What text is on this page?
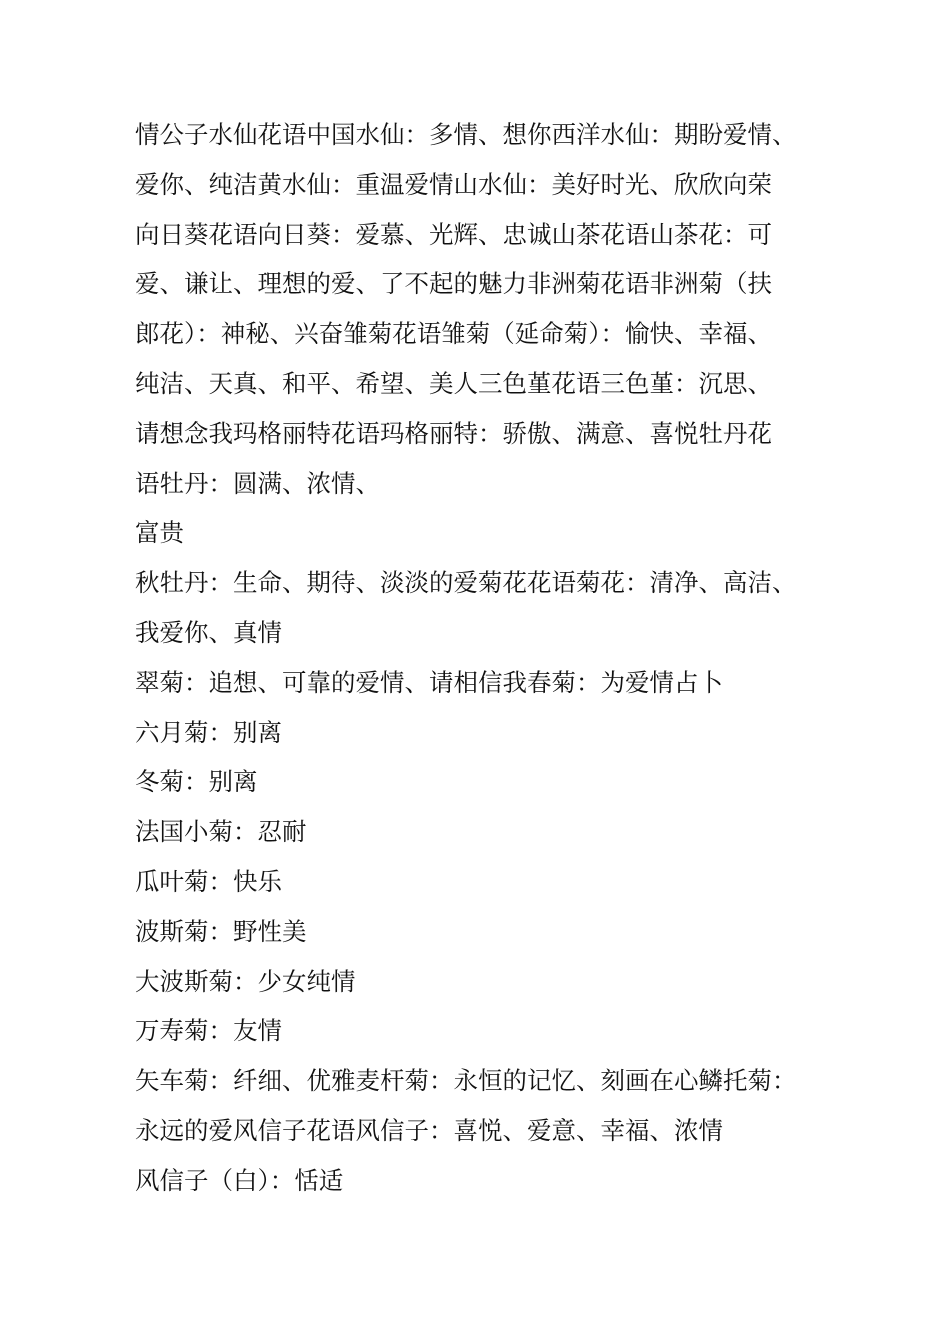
情公子水仙花语中国水仙：多情、想你西洋水仙：期盼爱情、
爱你、纯洁黄水仙：重温爱情山水仙：美好时光、欣欣向荣
向日葵花语向日葵：爱慕、光辉、忠诚山茶花语山茶花：可
爱、谦让、理想的爱、了不起的魅力非洲菊花语非洲菊（扶
郎花）：神秘、兴奋雏菊花语雏菊（延命菊）：愉快、幸福、
纯洁、天真、和平、希望、美人三色堇花语三色堇：沉思、
请想念我玛格丽特花语玛格丽特：骄傲、满意、喜悦牡丹花
语牡丹：圆满、浓情、
富贵
秋牡丹：生命、期待、淡淡的爱菊花花语菊花：清净、高洁、
我爱你、真情
翠菊：追想、可靠的爱情、请相信我春菊：为爱情占卜
六月菊：别离
冬菊：别离
法国小菊：忍耐
瓜叶菊：快乐
波斯菊：野性美
大波斯菊：少女纯情
万寿菊：友情
矢车菊：纤细、优雅麦杆菊：永恒的记忆、刻画在心鳞托菊：
永远的爱风信子花语风信子：喜悦、爱意、幸福、浓情
风信子（白）：恬适
